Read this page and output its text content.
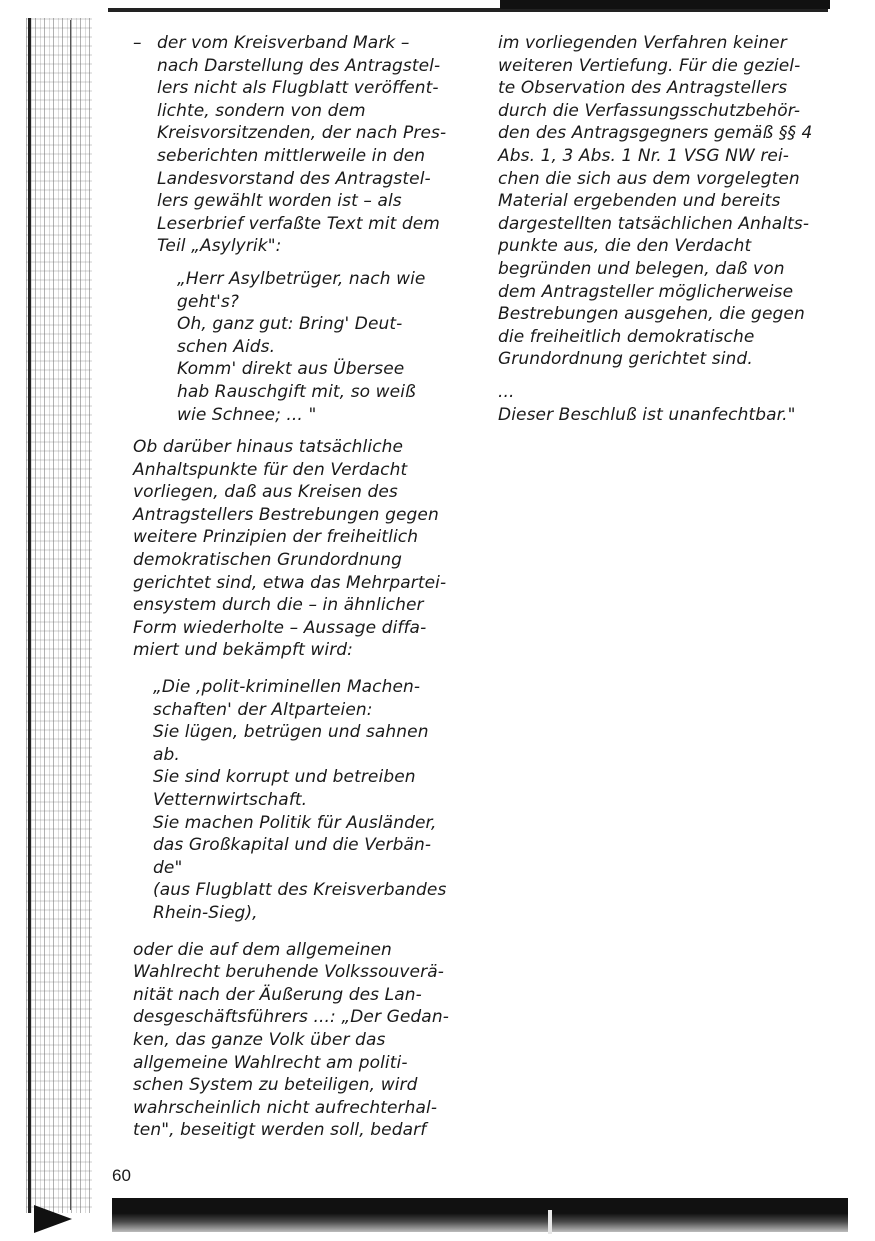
– der vom Kreisverband Mark –
nach Darstellung des Antragstel-
lers nicht als Flugblatt veröffent-
lichte, sondern von dem
Kreisvorsitzenden, der nach Pres-
seberichten mittlerweile in den
Landesvorstand des Antragstel-
lers gewählt worden ist – als
Leserbrief verfaßte Text mit dem
Teil „Asylyrik":
„Herr Asylbetrüger, nach wie
geht's?
Oh, ganz gut: Bring' Deut-
schen Aids.
Komm' direkt aus Übersee
hab Rauschgift mit, so weiß
wie Schnee; ... "
Ob darüber hinaus tatsächliche
Anhaltspunkte für den Verdacht
vorliegen, daß aus Kreisen des
Antragstellers Bestrebungen gegen
weitere Prinzipien der freiheitlich
demokratischen Grundordnung
gerichtet sind, etwa das Mehrpartei-
ensystem durch die – in ähnlicher
Form wiederholte – Aussage diffa-
miert und bekämpft wird:
„Die ‚polit-kriminellen Machen-
schaften' der Altparteien:
Sie lügen, betrügen und sahnen
ab.
Sie sind korrupt und betreiben
Vetternwirtschaft.
Sie machen Politik für Ausländer,
das Großkapital und die Verbän-
de"
(aus Flugblatt des Kreisverbandes
Rhein-Sieg),
oder die auf dem allgemeinen
Wahlrecht beruhende Volkssouverä-
nität nach der Äußerung des Lan-
desgeschäftsführers ...: „Der Gedan-
ken, das ganze Volk über das
allgemeine Wahlrecht am politi-
schen System zu beteiligen, wird
wahrscheinlich nicht aufrechterhal-
ten", beseitigt werden soll, bedarf
im vorliegenden Verfahren keiner
weiteren Vertiefung. Für die geziel-
te Observation des Antragstellers
durch die Verfassungsschutzbehör-
den des Antragsgegners gemäß §§ 4
Abs. 1, 3 Abs. 1 Nr. 1 VSG NW rei-
chen die sich aus dem vorgelegten
Material ergebenden und bereits
dargestellten tatsächlichen Anhalts-
punkte aus, die den Verdacht
begründen und belegen, daß von
dem Antragsteller möglicherweise
Bestrebungen ausgehen, die gegen
die freiheitlich demokratische
Grundordnung gerichtet sind.
...
Dieser Beschluß ist unanfechtbar."
60
